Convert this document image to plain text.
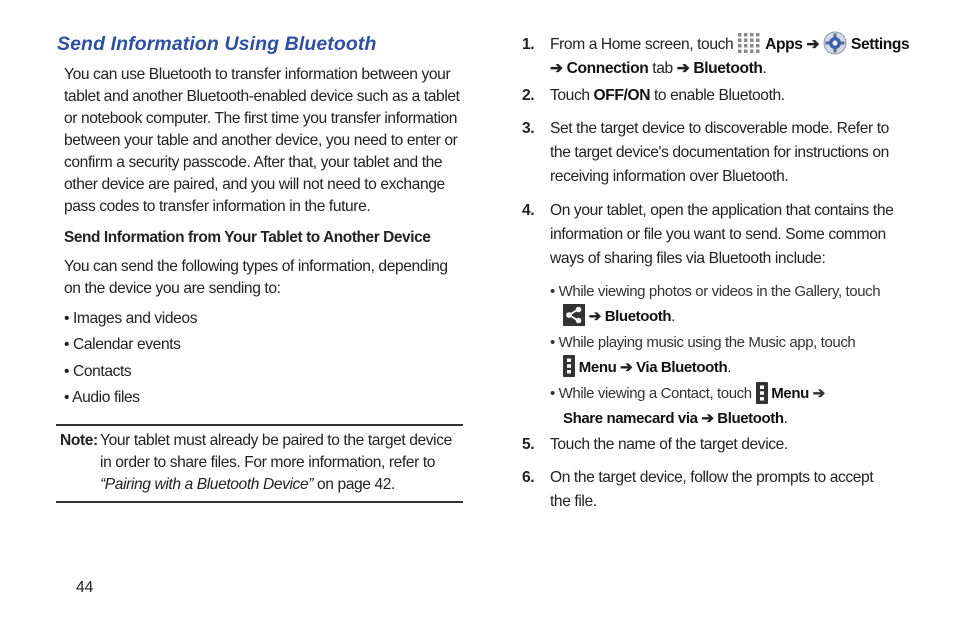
Send Information Using Bluetooth
You can use Bluetooth to transfer information between your
tablet and another Bluetooth-enabled device such as a tablet
or notebook computer. The first time you transfer information
between your table and another device, you need to enter or
confirm a security passcode. After that, your tablet and the
other device are paired, and you will not need to exchange
pass codes to transfer information in the future.
Send Information from Your Tablet to Another Device
You can send the following types of information, depending
on the device you are sending to:
• Images and videos
• Calendar events
• Contacts
• Audio files
Note: Your tablet must already be paired to the target device
in order to share files. For more information, refer to
“Pairing with a Bluetooth Device” on page 42.
44
1. From a Home screen, touch  Apps ➔ Settings
➔ Connection tab ➔ Bluetooth.
2. Touch OFF/ON to enable Bluetooth.
3. Set the target device to discoverable mode. Refer to
the target device's documentation for instructions on
receiving information over Bluetooth.
4. On your tablet, open the application that contains the
information or file you want to send. Some common
ways of sharing files via Bluetooth include:
• While viewing photos or videos in the Gallery, touch
➔ Bluetooth.
• While playing music using the Music app, touch
Menu ➔ Via Bluetooth.
• While viewing a Contact, touch  Menu ➔
Share namecard via ➔ Bluetooth.
5. Touch the name of the target device.
6. On the target device, follow the prompts to accept
the file.
